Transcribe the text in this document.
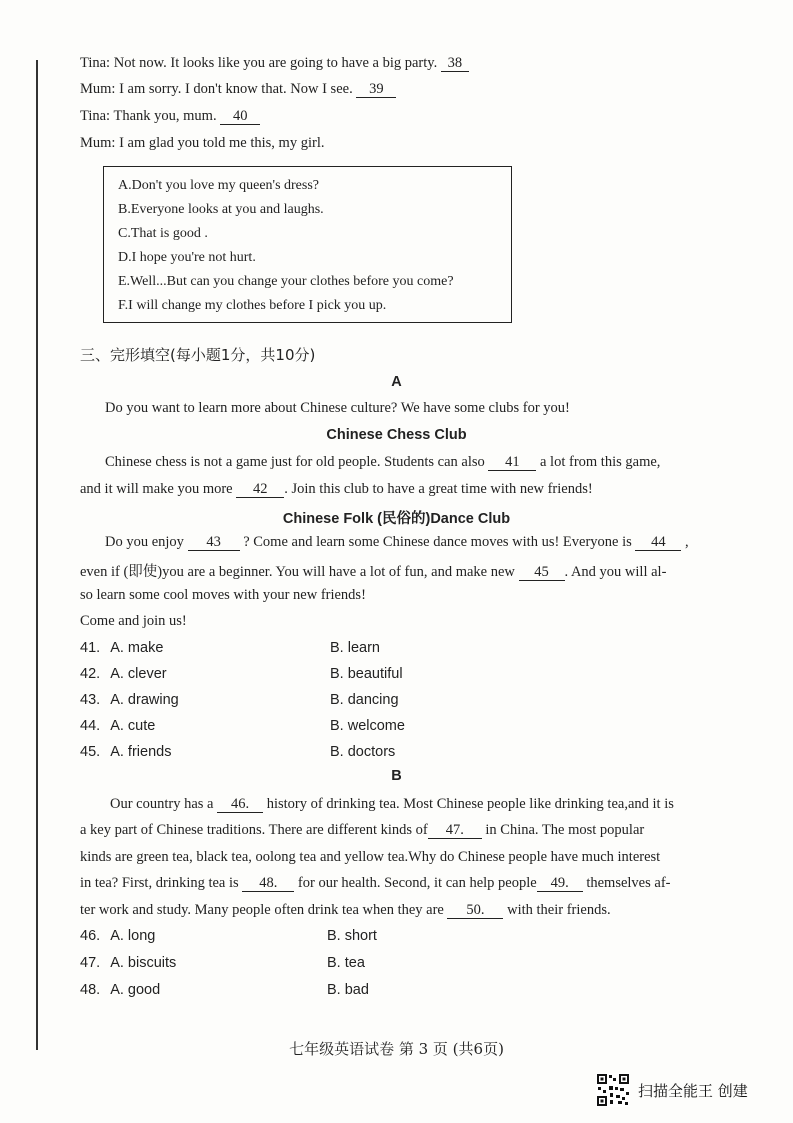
Tina: Not now. It looks like you are going to have a big party. 38
Mum: I am sorry. I don't know that. Now I see. 39
Tina: Thank you, mum. 40
Mum: I am glad you told me this, my girl.
A.Don't you love my queen's dress?
B.Everyone looks at you and laughs.
C.That is good .
D.I hope you're not hurt.
E.Well...But can you change your clothes before you come?
F.I will change my clothes before I pick you up.
三、完形填空(每小题1分，共10分)
A
Do you want to learn more about Chinese culture? We have some clubs for you!
Chinese Chess Club
Chinese chess is not a game just for old people. Students can also 41 a lot from this game,
and it will make you more 42 . Join this club to have a great time with new friends!
Chinese Folk (民俗的)Dance Club
Do you enjoy 43 ? Come and learn some Chinese dance moves with us! Everyone is 44 ,
even if (即使)you are a beginner. You will have a lot of fun, and make new 45 . And you will al-
so learn some cool moves with your new friends!
Come and join us!
41. A. make	B. learn
42. A. clever	B. beautiful
43. A. drawing	B. dancing
44. A. cute	B. welcome
45. A. friends	B. doctors
B
Our country has a 46. history of drinking tea. Most Chinese people like drinking tea,and it is
a key part of Chinese traditions. There are different kinds of 47. in China. The most popular
kinds are green tea, black tea, oolong tea and yellow tea.Why do Chinese people have much interest
in tea? First, drinking tea is 48. for our health. Second, it can help people 49. themselves af-
ter work and study. Many people often drink tea when they are 50. with their friends.
46. A. long	B. short
47. A. biscuits	B. tea
48. A. good	B. bad
七年级英语试卷 第 3 页 (共6页)
扫描全能王 创建
